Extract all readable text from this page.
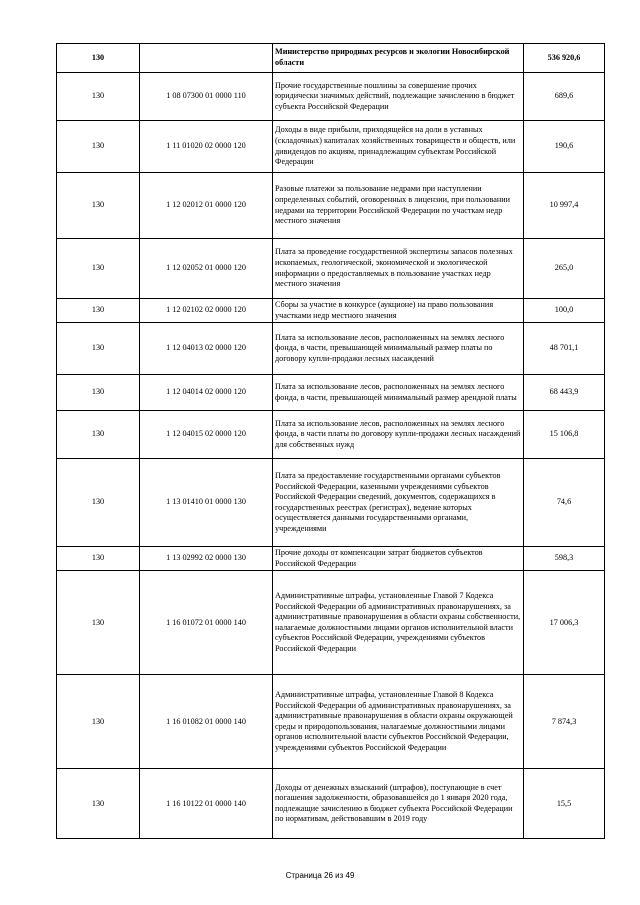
130		Министерство природных ресурсов и экологии Новосибирской области	536 920,6
130	1 08 07300 01 0000 110	Прочие государственные пошлины за совершение прочих юридически значимых действий, подлежащие зачислению в бюджет субъекта Российской Федерации	689,6
130	1 11 01020 02 0000 120	Доходы в виде прибыли, приходящейся на доли в уставных (складочных) капиталах хозяйственных товариществ и обществ, или дивидендов по акциям, принадлежащим субъектам Российской Федерации	190,6
130	1 12 02012 01 0000 120	Разовые платежи за пользование недрами при наступлении определенных событий, оговоренных в лицензии, при пользовании недрами на территории Российской Федерации по участкам недр местного значения	10 997,4
130	1 12 02052 01 0000 120	Плата за проведение государственной экспертизы запасов полезных ископаемых, геологической, экономической и экологической информации о предоставляемых в пользование участках недр местного значения	265,0
130	1 12 02102 02 0000 120	Сборы за участие в конкурсе (аукционе) на право пользования участками недр местного значения	100,0
130	1 12 04013 02 0000 120	Плата за использование лесов, расположенных на землях лесного фонда, в части, превышающей минимальный размер платы по договору купли-продажи лесных насаждений	48 701,1
130	1 12 04014 02 0000 120	Плата за использование лесов, расположенных на землях лесного фонда, в части, превышающей минимальный размер арендной платы	68 443,9
130	1 12 04015 02 0000 120	Плата за использование лесов, расположенных на землях лесного фонда, в части платы по договору купли-продажи лесных насаждений для собственных нужд	15 106,8
130	1 13 01410 01 0000 130	Плата за предоставление государственными органами субъектов Российской Федерации, казенными учреждениями субъектов Российской Федерации сведений, документов, содержащихся в государственных реестрах (регистрах), ведение которых осуществляется данными государственными органами, учреждениями	74,6
130	1 13 02992 02 0000 130	Прочие доходы от компенсации затрат бюджетов субъектов Российской Федерации	598,3
130	1 16 01072 01 0000 140	Административные штрафы, установленные Главой 7 Кодекса Российской Федерации об административных правонарушениях, за административные правонарушения в области охраны собственности, налагаемые должностными лицами органов исполнительной власти субъектов Российской Федерации, учреждениями субъектов Российской Федерации	17 006,3
130	1 16 01082 01 0000 140	Административные штрафы, установленные Главой 8 Кодекса Российской Федерации об административных правонарушениях, за административные правонарушения в области охраны окружающей среды и природопользования, налагаемые должностными лицами органов исполнительной власти субъектов Российской Федерации, учреждениями субъектов Российской Федерации	7 874,3
130	1 16 10122 01 0000 140	Доходы от денежных взысканий (штрафов), поступающие в счет погашения задолженности, образовавшейся до 1 января 2020 года, подлежащие зачислению в бюджет субъекта Российской Федерации по нормативам, действовавшим в 2019 году	15,5
Страница 26 из 49
